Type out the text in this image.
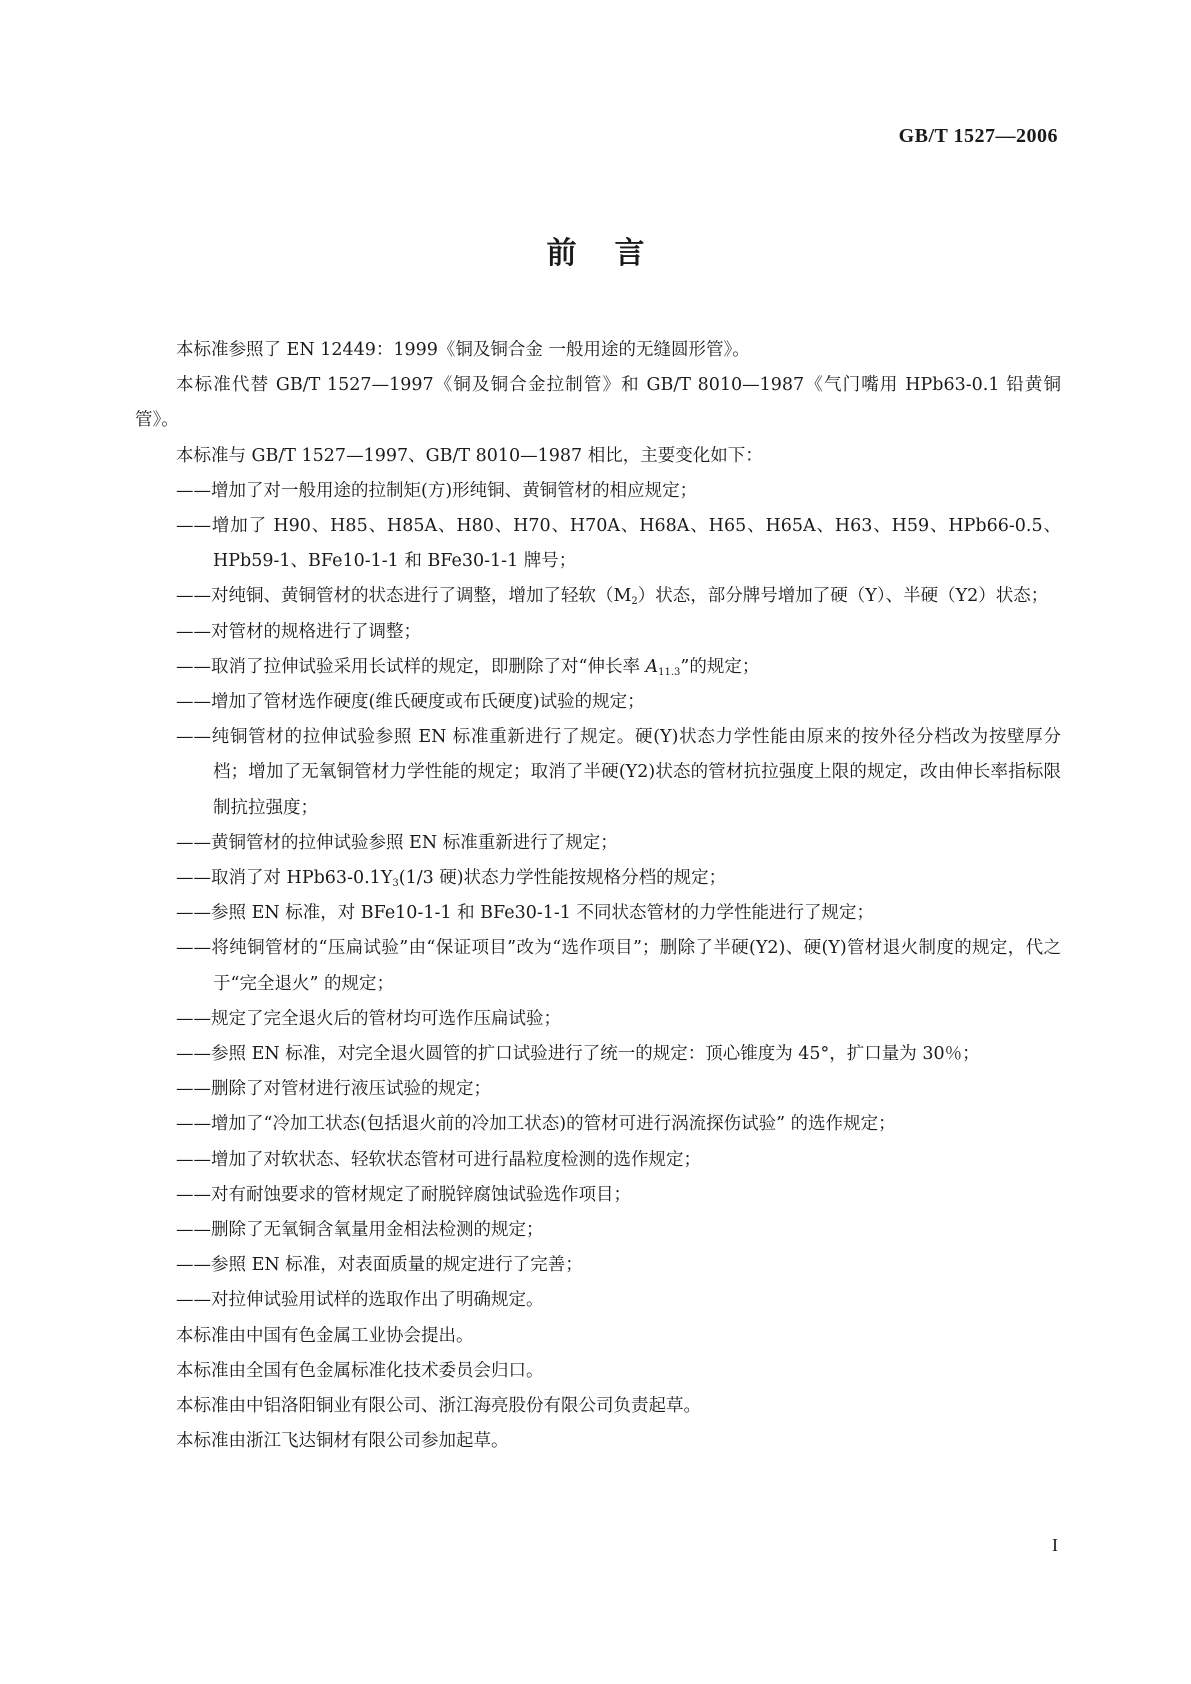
GB/T 1527—2006
前言

本标准参照了 EN 12449：1999《铜及铜合金 一般用途的无缝圆形管》。

本标准代替 GB/T 1527—1997《铜及铜合金拉制管》和 GB/T 8010—1987《气门嘴用 HPb63-0.1 铅黄铜管》。

本标准与 GB/T 1527—1997、GB/T 8010—1987 相比，主要变化如下：

——增加了对一般用途的拉制矩(方)形纯铜、黄铜管材的相应规定；

——增加了 H90、H85、H85A、H80、H70、H70A、H68A、H65、H65A、H63、H59、HPb66-0.5、HPb59-1、BFe10-1-1 和 BFe30-1-1 牌号；

——对纯铜、黄铜管材的状态进行了调整，增加了轻软$(M_2)$状态，部分牌号增加了硬（Y）、半硬（Y2）状态；

——对管材的规格进行了调整；

——取消了拉伸试验采用长试样的规定，即删除了对“伸长率 $A_{11.3}$”的规定；

——增加了管材选作硬度(维氏硬度或布氏硬度)试验的规定；

——纯铜管材的拉伸试验参照 EN 标准重新进行了规定。硬(Y)状态力学性能由原来的按外径分档改为按壁厚分档；增加了无氧铜管材力学性能的规定；取消了半硬(Y2)状态的管材抗拉强度上限的规定，改由伸长率指标限制抗拉强度；

——黄铜管材的拉伸试验参照 EN 标准重新进行了规定；

——取消了对 $HPb63-0.1Y_3(1/3$ 硬)状态力学性能按规格分档的规定；

——参照 EN 标准，对 BFe10-1-1 和 BFe30-1-1 不同状态管材的力学性能进行了规定；

——将纯铜管材的“压扁试验”由“保证项目”改为“选作项目”；删除了半硬(Y2)、硬(Y)管材退火制度的规定，代之于“完全退火” 的规定；

——规定了完全退火后的管材均可选作压扁试验；

——参照 EN 标准，对完全退火圆管的扩口试验进行了统一的规定：顶心锥度为 45°，扩口量为 30％；

——删除了对管材进行液压试验的规定；

——增加了“冷加工状态(包括退火前的冷加工状态)的管材可进行涡流探伤试验” 的选作规定；

——增加了对软状态、轻软状态管材可进行晶粒度检测的选作规定；

——对有耐蚀要求的管材规定了耐脱锌腐蚀试验选作项目；

——删除了无氧铜含氧量用金相法检测的规定；

——参照 EN 标准，对表面质量的规定进行了完善；

——对拉伸试验用试样的选取作出了明确规定。

本标准由中国有色金属工业协会提出。

本标准由全国有色金属标准化技术委员会归口。

本标准由中铝洛阳铜业有限公司、浙江海亮股份有限公司负责起草。

本标准由浙江飞达铜材有限公司参加起草。

I
